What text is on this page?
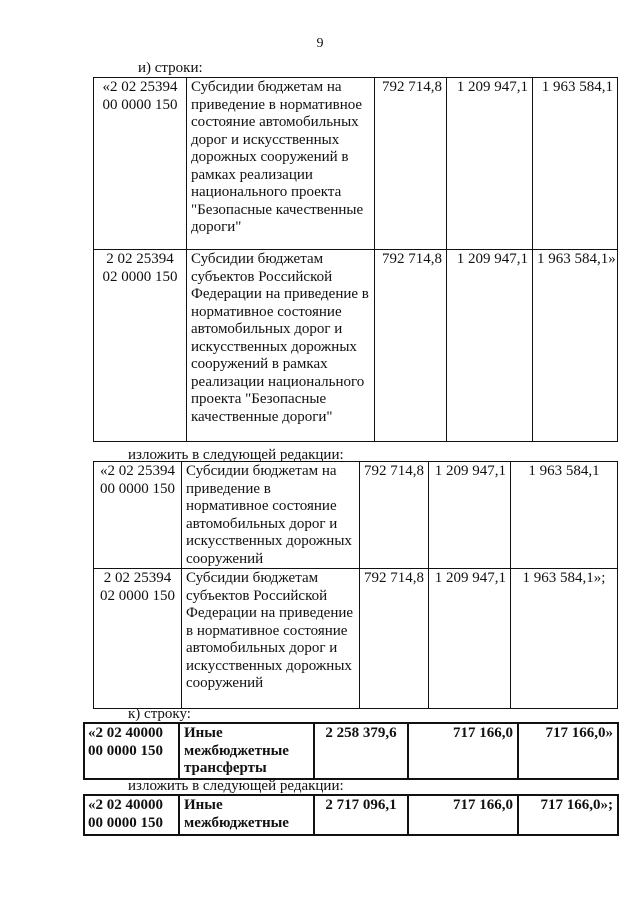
9
и) строки:
«2 02 25394 00 0000 150	Субсидии бюджетам на приведение в нормативное состояние автомобильных дорог и искусственных дорожных сооружений в рамках реализации национального проекта "Безопасные качественные дороги"	792 714,8	1 209 947,1	1 963 584,1
2 02 25394 02 0000 150	Субсидии бюджетам субъектов Российской Федерации на приведение в нормативное состояние автомобильных дорог и искусственных дорожных сооружений в рамках реализации национального проекта "Безопасные качественные дороги"	792 714,8	1 209 947,1	1 963 584,1»
изложить в следующей редакции:
«2 02 25394 00 0000 150	Субсидии бюджетам на приведение в нормативное состояние автомобильных дорог и искусственных дорожных сооружений	792 714,8	1 209 947,1	1 963 584,1
2 02 25394 02 0000 150	Субсидии бюджетам субъектов Российской Федерации на приведение в нормативное состояние автомобильных дорог и искусственных дорожных сооружений	792 714,8	1 209 947,1	1 963 584,1»;
к) строку:
«2 02 40000 00 0000 150	Иные межбюджетные трансферты	2 258 379,6	717 166,0	717 166,0»
изложить в следующей редакции:
«2 02 40000 00 0000 150	Иные межбюджетные	2 717 096,1	717 166,0	717 166,0»;
